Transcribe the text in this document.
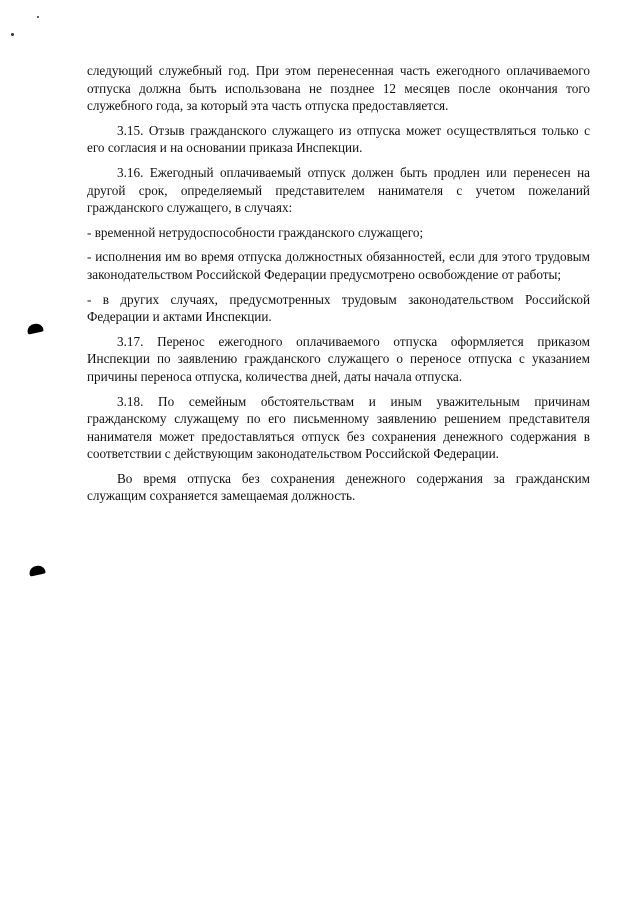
следующий служебный год. При этом перенесенная часть ежегодного оплачиваемого отпуска должна быть использована не позднее 12 месяцев после окончания того служебного года, за который эта часть отпуска предоставляется.

3.15. Отзыв гражданского служащего из отпуска может осуществляться только с его согласия и на основании приказа Инспекции.

3.16. Ежегодный оплачиваемый отпуск должен быть продлен или перенесен на другой срок, определяемый представителем нанимателя с учетом пожеланий гражданского служащего, в случаях:

- временной нетрудоспособности гражданского служащего;

- исполнения им во время отпуска должностных обязанностей, если для этого трудовым законодательством Российской Федерации предусмотрено освобождение от работы;

- в других случаях, предусмотренных трудовым законодательством Российской Федерации и актами Инспекции.

3.17. Перенос ежегодного оплачиваемого отпуска оформляется приказом Инспекции по заявлению гражданского служащего о переносе отпуска с указанием причины переноса отпуска, количества дней, даты начала отпуска.

3.18. По семейным обстоятельствам и иным уважительным причинам гражданскому служащему по его письменному заявлению решением представителя нанимателя может предоставляться отпуск без сохранения денежного содержания в соответствии с действующим законодательством Российской Федерации.

Во время отпуска без сохранения денежного содержания за гражданским служащим сохраняется замещаемая должность.
